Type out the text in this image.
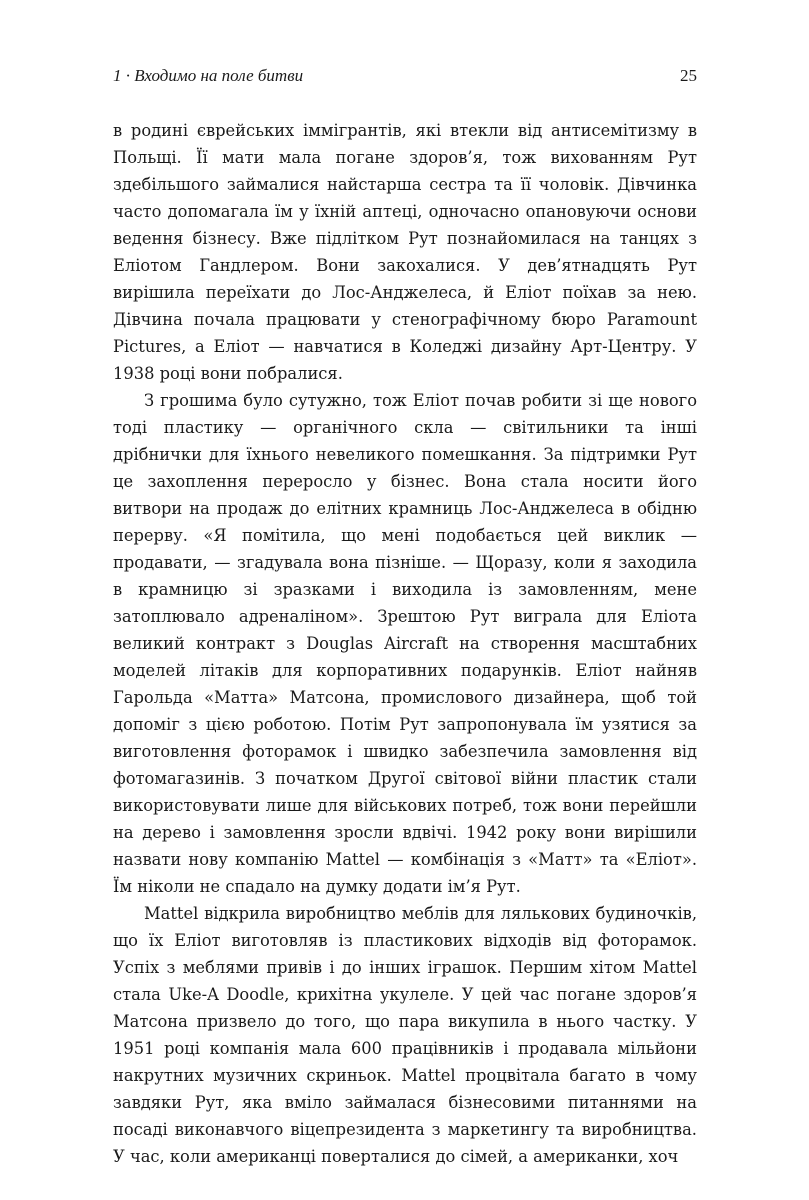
1 · Входимо на поле битви	25

в родині єврейських іммігрантів, які втекли від антисемітизму в Польщі. Її мати мала погане здоров’я, тож вихованням Рут здебільшого займалися найстарша сестра та її чоловік. Дівчинка часто допомагала їм у їхній аптеці, одночасно опановуючи основи ведення бізнесу. Вже підлітком Рут познайомилася на танцях з Еліотом Гандлером. Вони закохалися. У дев’ятнадцять Рут вирішила переїхати до Лос-Анджелеса, й Еліот поїхав за нею. Дівчина почала працювати у стенографічному бюро Paramount Pictures, а Еліот — навчатися в Коледжі дизайну Арт-Центру. У 1938 році вони побралися.

З грошима було сутужно, тож Еліот почав робити зі ще нового тоді пластику — органічного скла — світильники та інші дрібнички для їхнього невеликого помешкання. За підтримки Рут це захоплення переросло у бізнес. Вона стала носити його витвори на продаж до елітних крамниць Лос-Анджелеса в обідню перерву. «Я помітила, що мені подобається цей виклик — продавати, — згадувала вона пізніше. — Щоразу, коли я заходила в крамницю зі зразками і виходила із замовленням, мене затоплювало адреналіном». Зрештою Рут виграла для Еліота великий контракт з Douglas Aircraft на створення масштабних моделей літаків для корпоративних подарунків. Еліот найняв Гарольда «Матта» Матсона, промислового дизайнера, щоб той допоміг з цією роботою. Потім Рут запропонувала їм узятися за виготовлення фоторамок і швидко забезпечила замовлення від фотомагазинів. З початком Другої світової війни пластик стали використовувати лише для військових потреб, тож вони перейшли на дерево і замовлення зросли вдвічі. 1942 року вони вирішили назвати нову компанію Mattel — комбінація з «Матт» та «Еліот». Їм ніколи не спадало на думку додати ім’я Рут.

Mattel відкрила виробництво меблів для лялькових будиночків, що їх Еліот виготовляв із пластикових відходів від фоторамок. Успіх з меблями привів і до інших іграшок. Першим хітом Mattel стала Uke-A Doodle, крихітна укулеле. У цей час погане здоров’я Матсона призвело до того, що пара викупила в нього частку. У 1951 році компанія мала 600 працівників і продавала мільйони накрутних музичних скриньок. Mattel процвітала багато в чому завдяки Рут, яка вміло займалася бізнесовими питаннями на посаді виконавчого віцепрезидента з маркетингу та виробництва. У час, коли американці поверталися до сімей, а американки, хоч
